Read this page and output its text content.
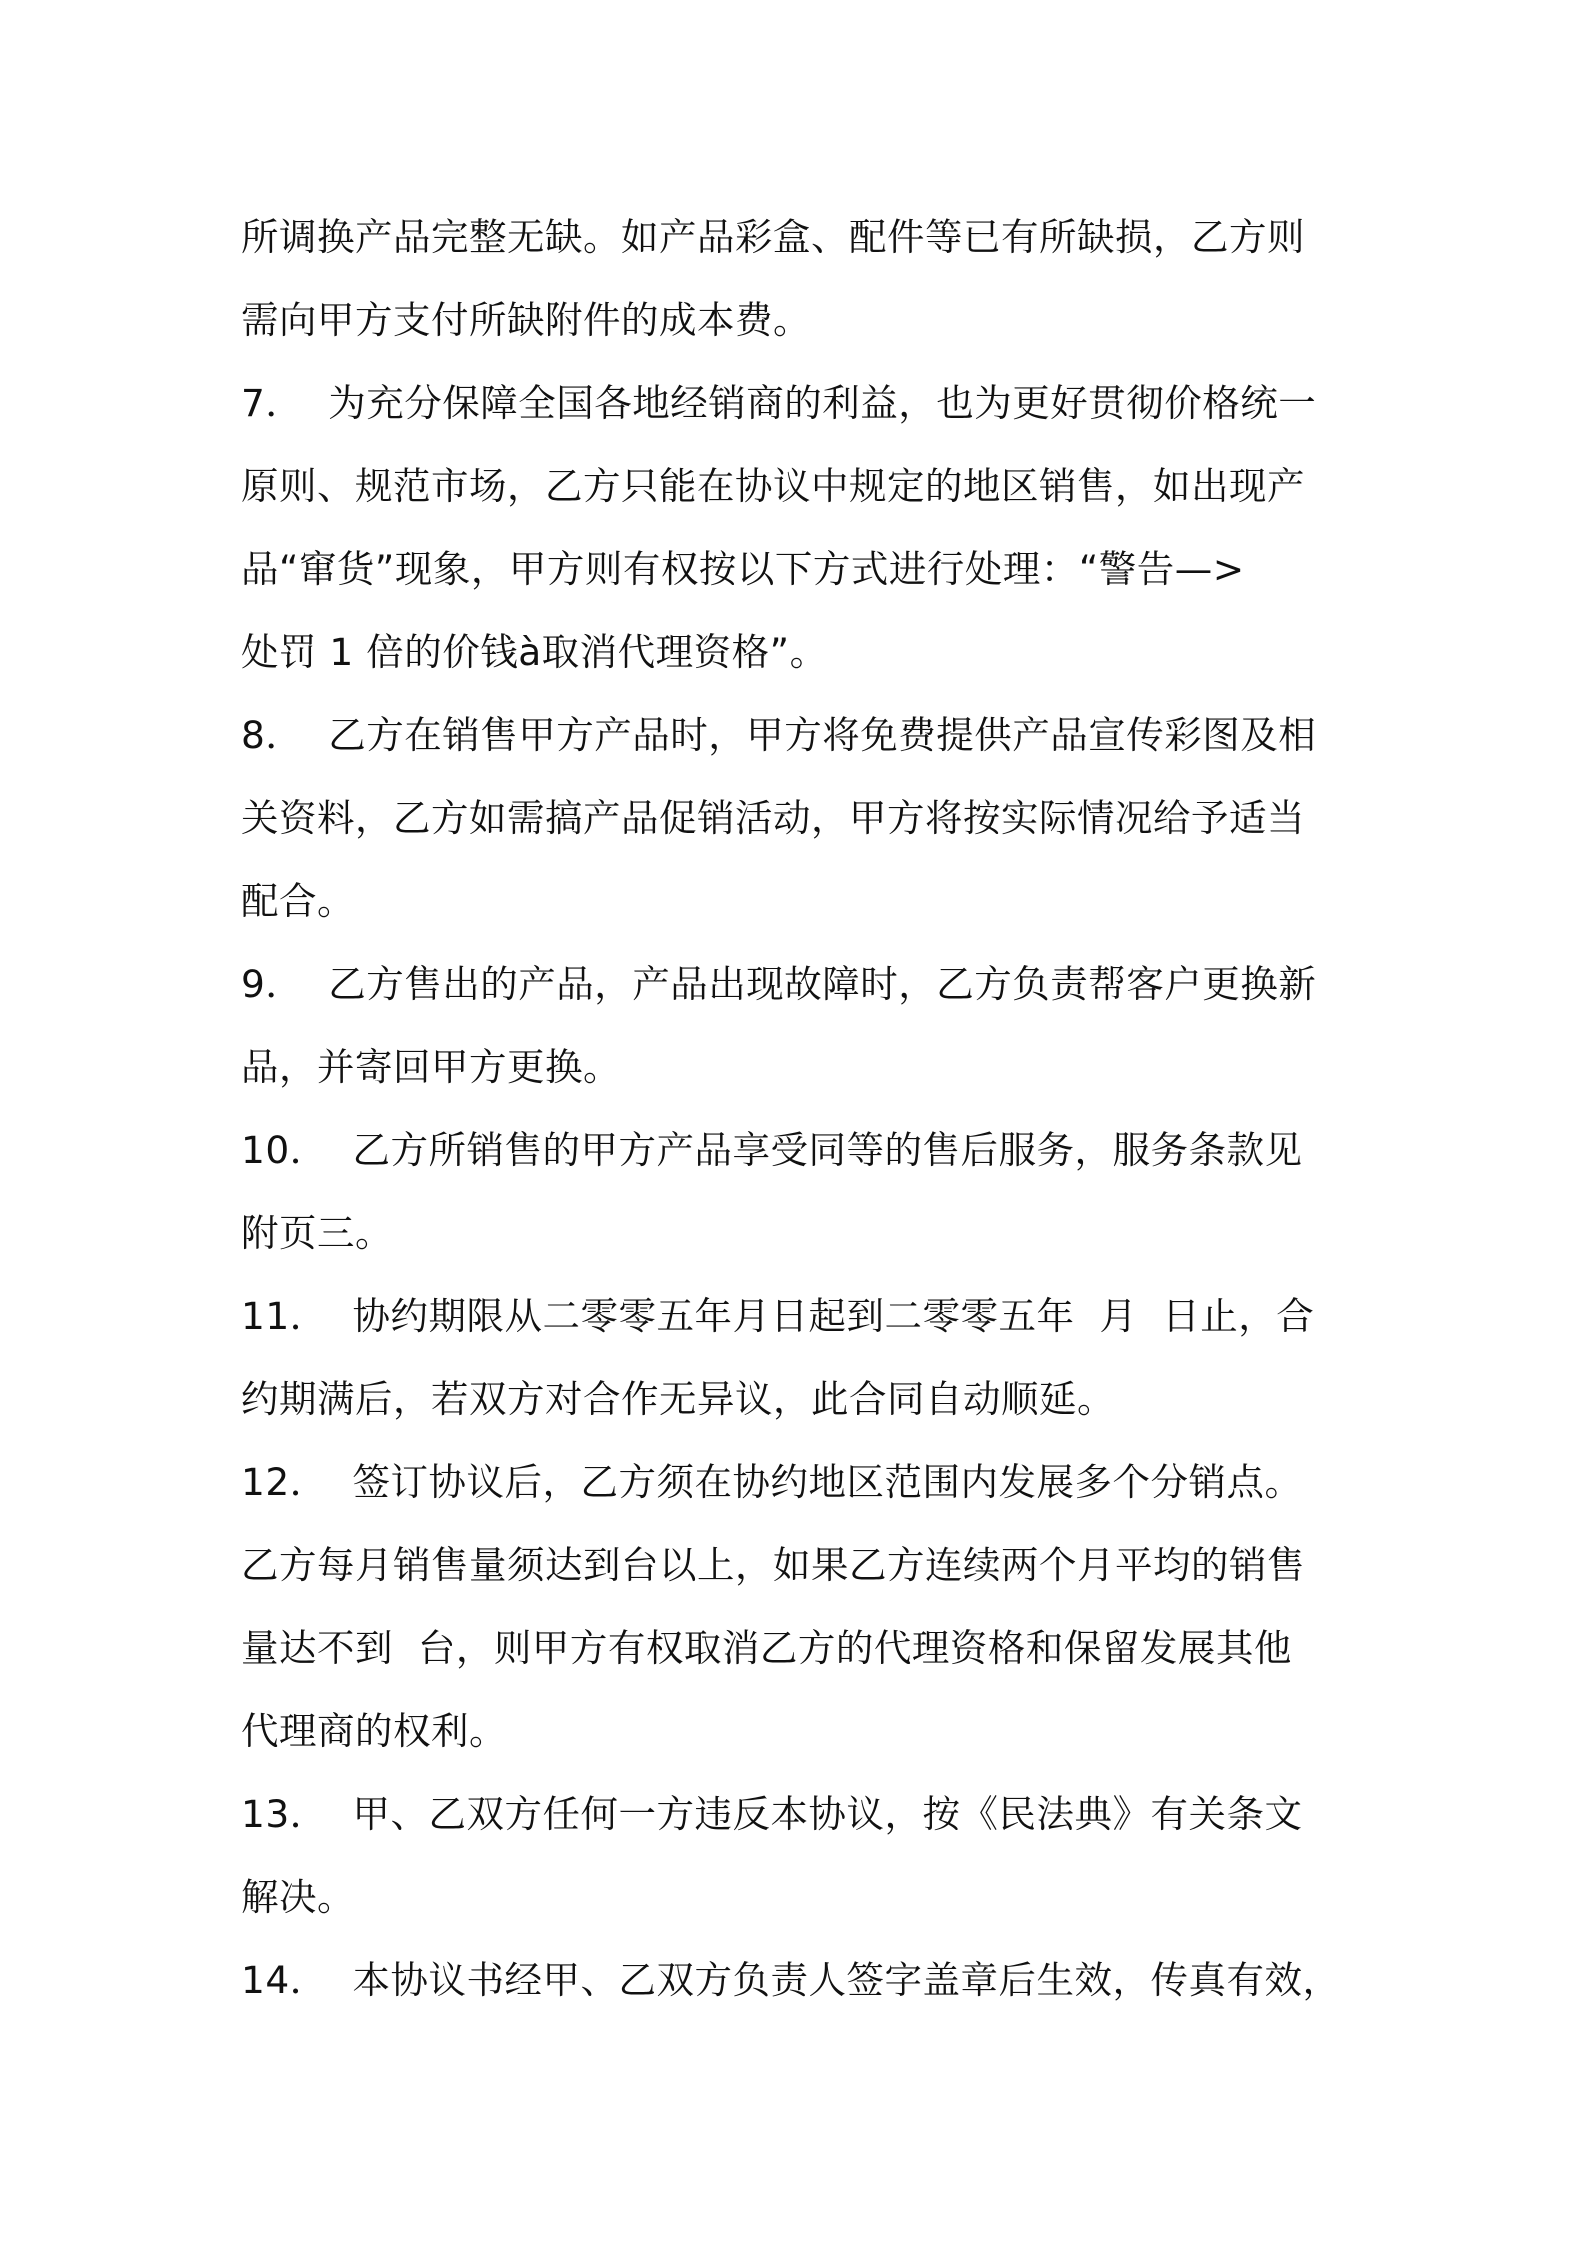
所调换产品完整无缺。如产品彩盒、配件等已有所缺损，乙方则
需向甲方支付所缺附件的成本费。
7．  为充分保障全国各地经销商的利益，也为更好贯彻价格统一
原则、规范市场，乙方只能在协议中规定的地区销售，如出现产
品“窜货”现象，甲方则有权按以下方式进行处理：“警告—>
处罚 1 倍的价钱à取消代理资格”。
8．  乙方在销售甲方产品时，甲方将免费提供产品宣传彩图及相
关资料，乙方如需搞产品促销活动，甲方将按实际情况给予适当
配合。
9．  乙方售出的产品，产品出现故障时，乙方负责帮客户更换新
品，并寄回甲方更换。
10．  乙方所销售的甲方产品享受同等的售后服务，服务条款见
附页三。
11．  协约期限从二零零五年月日起到二零零五年  月  日止，合
约期满后，若双方对合作无异议，此合同自动顺延。
12．  签订协议后，乙方须在协约地区范围内发展多个分销点。
乙方每月销售量须达到台以上，如果乙方连续两个月平均的销售
量达不到  台，则甲方有权取消乙方的代理资格和保留发展其他
代理商的权利。
13．  甲、乙双方任何一方违反本协议，按《民法典》有关条文
解决。
14．  本协议书经甲、乙双方负责人签字盖章后生效，传真有效，
